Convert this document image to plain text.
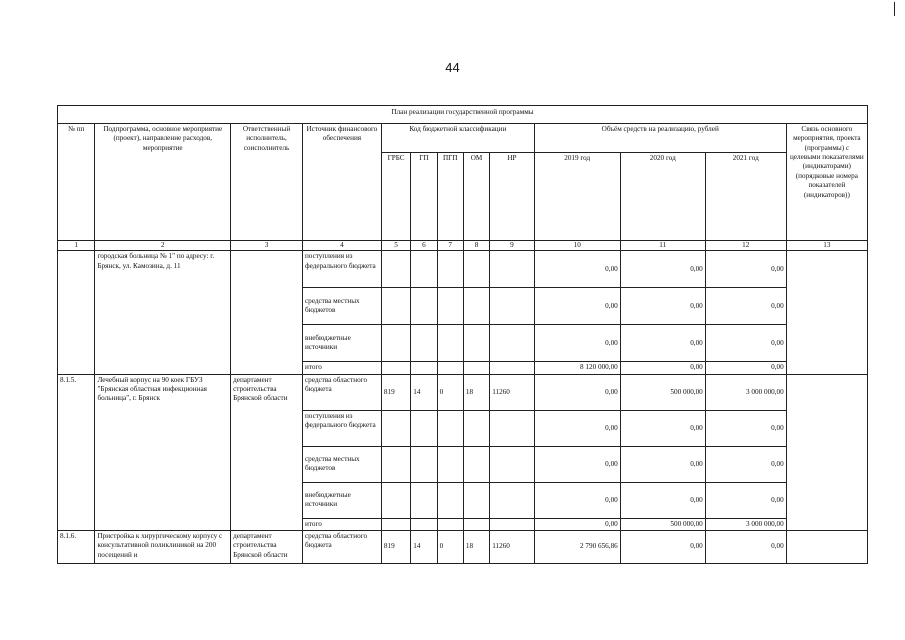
44
План реализации государственной программы												
№ пп	Подпрограмма, основное мероприятие (проект), направление расходов, мероприятие	Ответственный исполнитель, соисполнитель	Источник финансового обеспечения	Код бюджетной классификации					Объём средств на реализацию, рублей			Связь основного мероприятия, проекта (программы) с целевыми показателями (индикаторами) (порядковые номера показателей (индикаторов))
				ГРБС	ГП	ПГП	ОМ	НР	2019 год	2020 год	2021 год	
1	2	3	4	5	6	7	8	9	10	11	12	13
	городская больница № 1" по адресу: г. Брянск, ул. Камозина, д. 11		поступления из федерального бюджета						0,00	0,00	0,00	
			средства местных бюджетов						0,00	0,00	0,00	
			внебюджетные источники						0,00	0,00	0,00	
			итого						8 120 000,00	0,00	0,00	
8.1.5.	Лечебный корпус на 90 коек ГБУЗ "Брянская областная инфекционная больница", г. Брянск	департамент строительства Брянской области	средства областного бюджета	819	14	0	18	11260	0,00	500 000,00	3 000 000,00	
			поступления из федерального бюджета						0,00	0,00	0,00	
			средства местных бюджетов						0,00	0,00	0,00	
			внебюджетные источники						0,00	0,00	0,00	
			итого						0,00	500 000,00	3 000 000,00	
8.1.6.	Пристройка к хирургическому корпусу с консультативной поликлиникой на 200 посещений и	департамент строительства Брянской области	средства областного бюджета	819	14	0	18	11260	2 790 656,86	0,00	0,00	
